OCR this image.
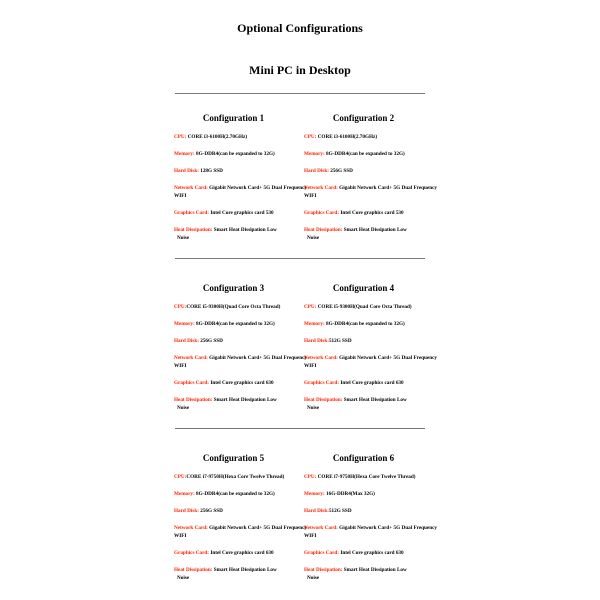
Optional Configurations
Mini PC in Desktop
Configuration 1
CPU: CORE i3-6100H(2.70GHz)
Memory: 8G-DDR4(can be expanded to 32G)
Hard Disk: 128G SSD
Network Card: Gigabit Network Card+ 5G Dual Frequency WIFI
Graphics Card: Intel Core graphics card 530
Heat Dissipation: Smart Heat Dissipation Low
Noise
Configuration 2
CPU: CORE i3-6100H(2.70GHz)
Memory: 8G-DDR4(can be expanded to 32G)
Hard Disk: 256G SSD
Network Card: Gigabit Network Card+ 5G Dual Frequency WIFI
Graphics Card: Intel Core graphics card 530
Heat Dissipation: Smart Heat Dissipation Low
Noise
Configuration 3
CPU:CORE i5-9300H(Quad Core Octa Thread)
Memory: 8G-DDR4(can be expanded to 32G)
Hard Disk: 256G SSD
Network Card: Gigabit Network Card+ 5G Dual Frequency WIFI
Graphics Card: Intel Core graphics card 630
Heat Dissipation: Smart Heat Dissipation Low
Noise
Configuration 4
CPU: CORE i5-9300H(Quad Core Octa Thread)
Memory: 8G-DDR4(can be expanded to 32G)
Hard Disk:512G SSD
Network Card: Gigabit Network Card+ 5G Dual Frequency WIFI
Graphics Card: Intel Core graphics card 630
Heat Dissipation: Smart Heat Dissipation Low
Noise
Configuration 5
CPU:CORE i7-9750H(Hexa Core Twelve Thread)
Memory: 8G-DDR4(can be expanded to 32G)
Hard Disk: 256G SSD
Network Card: Gigabit Network Card+ 5G Dual Frequency WIFI
Graphics Card: Intel Core graphics card 630
Heat Dissipation: Smart Heat Dissipation Low
Noise
Configuration 6
CPU: CORE i7-9750H(Hexa Core Twelve Thread)
Memory: 16G-DDR4(Max 32G)
Hard Disk:512G SSD
Network Card: Gigabit Network Card+ 5G Dual Frequency WIFI
Graphics Card: Intel Core graphics card 630
Heat Dissipation: Smart Heat Dissipation Low
Noise
